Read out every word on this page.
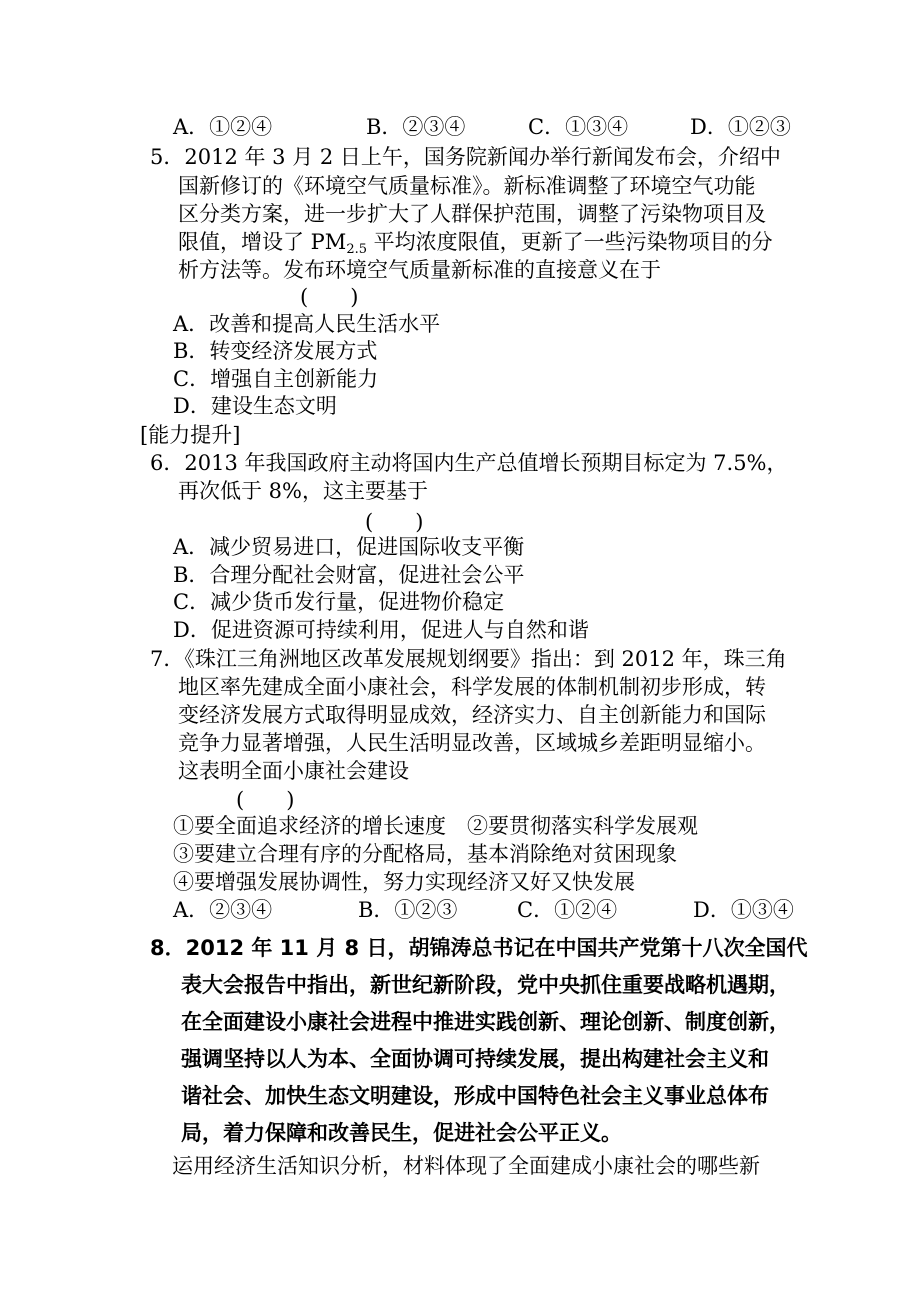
A．①②④	B．②③④	C．①③④	D．①②③
5．2012 年 3 月 2 日上午，国务院新闻办举行新闻发布会，介绍中
国新修订的《环境空气质量标准》。新标准调整了环境空气功能
区分类方案，进一步扩大了人群保护范围，调整了污染物项目及
限值，增设了 $PM_{2.5}$ 平均浓度限值，更新了一些污染物项目的分
析方法等。发布环境空气质量新标准的直接意义在于
(　　)
A．改善和提高人民生活水平
B．转变经济发展方式
C．增强自主创新能力
D．建设生态文明
[能力提升]
6．2013 年我国政府主动将国内生产总值增长预期目标定为 7.5%，
再次低于 8%，这主要基于
(　　)
A．减少贸易进口，促进国际收支平衡
B．合理分配社会财富，促进社会公平
C．减少货币发行量，促进物价稳定
D．促进资源可持续利用，促进人与自然和谐
7．《珠江三角洲地区改革发展规划纲要》指出：到 2012 年，珠三角
地区率先建成全面小康社会，科学发展的体制机制初步形成，转
变经济发展方式取得明显成效，经济实力、自主创新能力和国际
竞争力显著增强，人民生活明显改善，区域城乡差距明显缩小。
这表明全面小康社会建设
(　　)
①要全面追求经济的增长速度　②要贯彻落实科学发展观
③要建立合理有序的分配格局，基本消除绝对贫困现象
④要增强发展协调性，努力实现经济又好又快发展
A．②③④	B．①②③	C．①②④	D．①③④
8．2012 年 11 月 8 日，胡锦涛总书记在中国共产党第十八次全国代
表大会报告中指出，新世纪新阶段，党中央抓住重要战略机遇期，
在全面建设小康社会进程中推进实践创新、理论创新、制度创新，
强调坚持以人为本、全面协调可持续发展，提出构建社会主义和
谐社会、加快生态文明建设，形成中国特色社会主义事业总体布
局，着力保障和改善民生，促进社会公平正义。
运用经济生活知识分析，材料体现了全面建成小康社会的哪些新
